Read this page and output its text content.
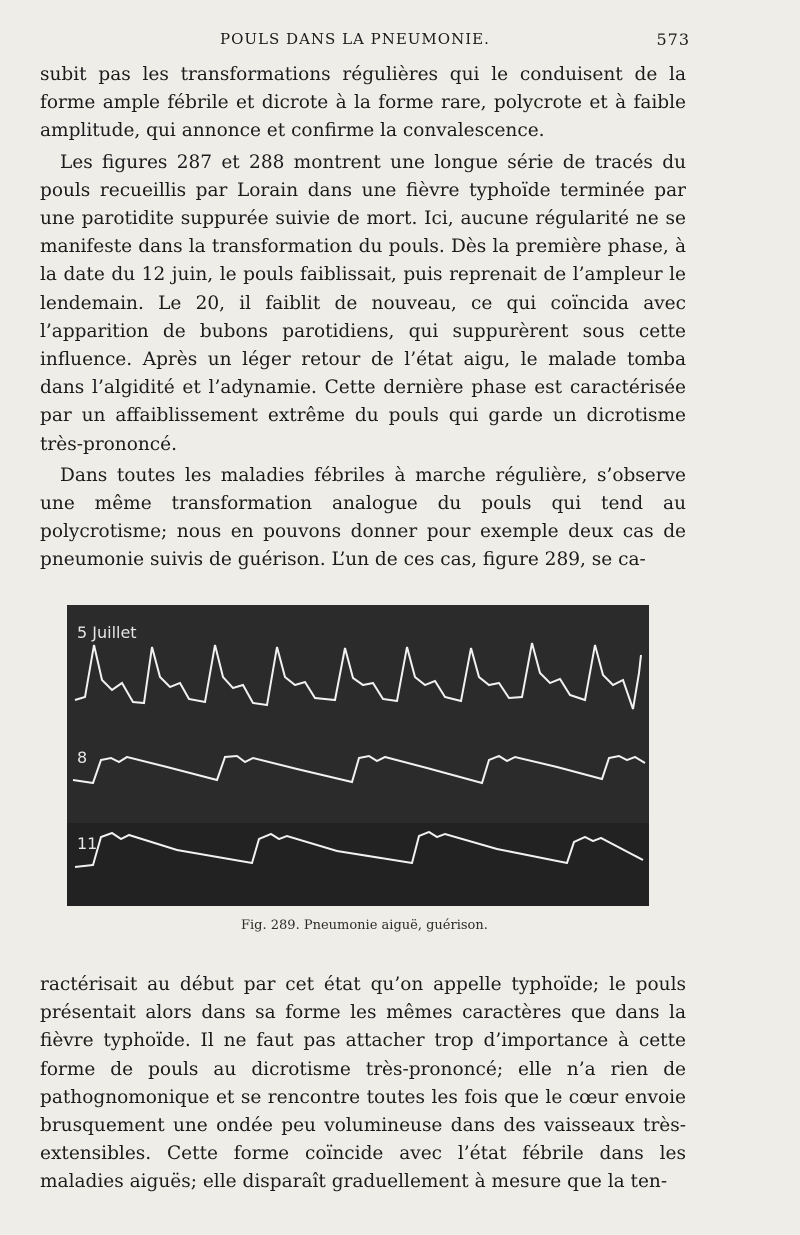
POULS DANS LA PNEUMONIE.	573

subit pas les transformations régulières qui le conduisent de la forme ample fébrile et dicrote à la forme rare, polycrote et à faible amplitude, qui annonce et confirme la convalescence.

Les figures 287 et 288 montrent une longue série de tracés du pouls recueillis par Lorain dans une fièvre typhoïde terminée par une parotidite suppurée suivie de mort. Ici, aucune régularité ne se manifeste dans la transformation du pouls. Dès la première phase, à la date du 12 juin, le pouls faiblissait, puis reprenait de l’ampleur le lendemain. Le 20, il faiblit de nouveau, ce qui coïncida avec l’apparition de bubons parotidiens, qui suppurèrent sous cette influence. Après un léger retour de l’état aigu, le malade tomba dans l’algidité et l’adynamie. Cette dernière phase est caractérisée par un affaiblissement extrême du pouls qui garde un dicrotisme très-prononcé.

Dans toutes les maladies fébriles à marche régulière, s’observe une même transformation analogue du pouls qui tend au polycrotisme; nous en pouvons donner pour exemple deux cas de pneumonie suivis de guérison. L’un de ces cas, figure 289, se ca-

5 Juillet
8
11
Fig. 289. Pneumonie aiguë, guérison.

ractérisait au début par cet état qu’on appelle typhoïde; le pouls présentait alors dans sa forme les mêmes caractères que dans la fièvre typhoïde. Il ne faut pas attacher trop d’importance à cette forme de pouls au dicrotisme très-prononcé; elle n’a rien de pathognomonique et se rencontre toutes les fois que le cœur envoie brusquement une ondée peu volumineuse dans des vaisseaux très-extensibles. Cette forme coïncide avec l’état fébrile dans les maladies aiguës; elle disparaît graduellement à mesure que la ten-
